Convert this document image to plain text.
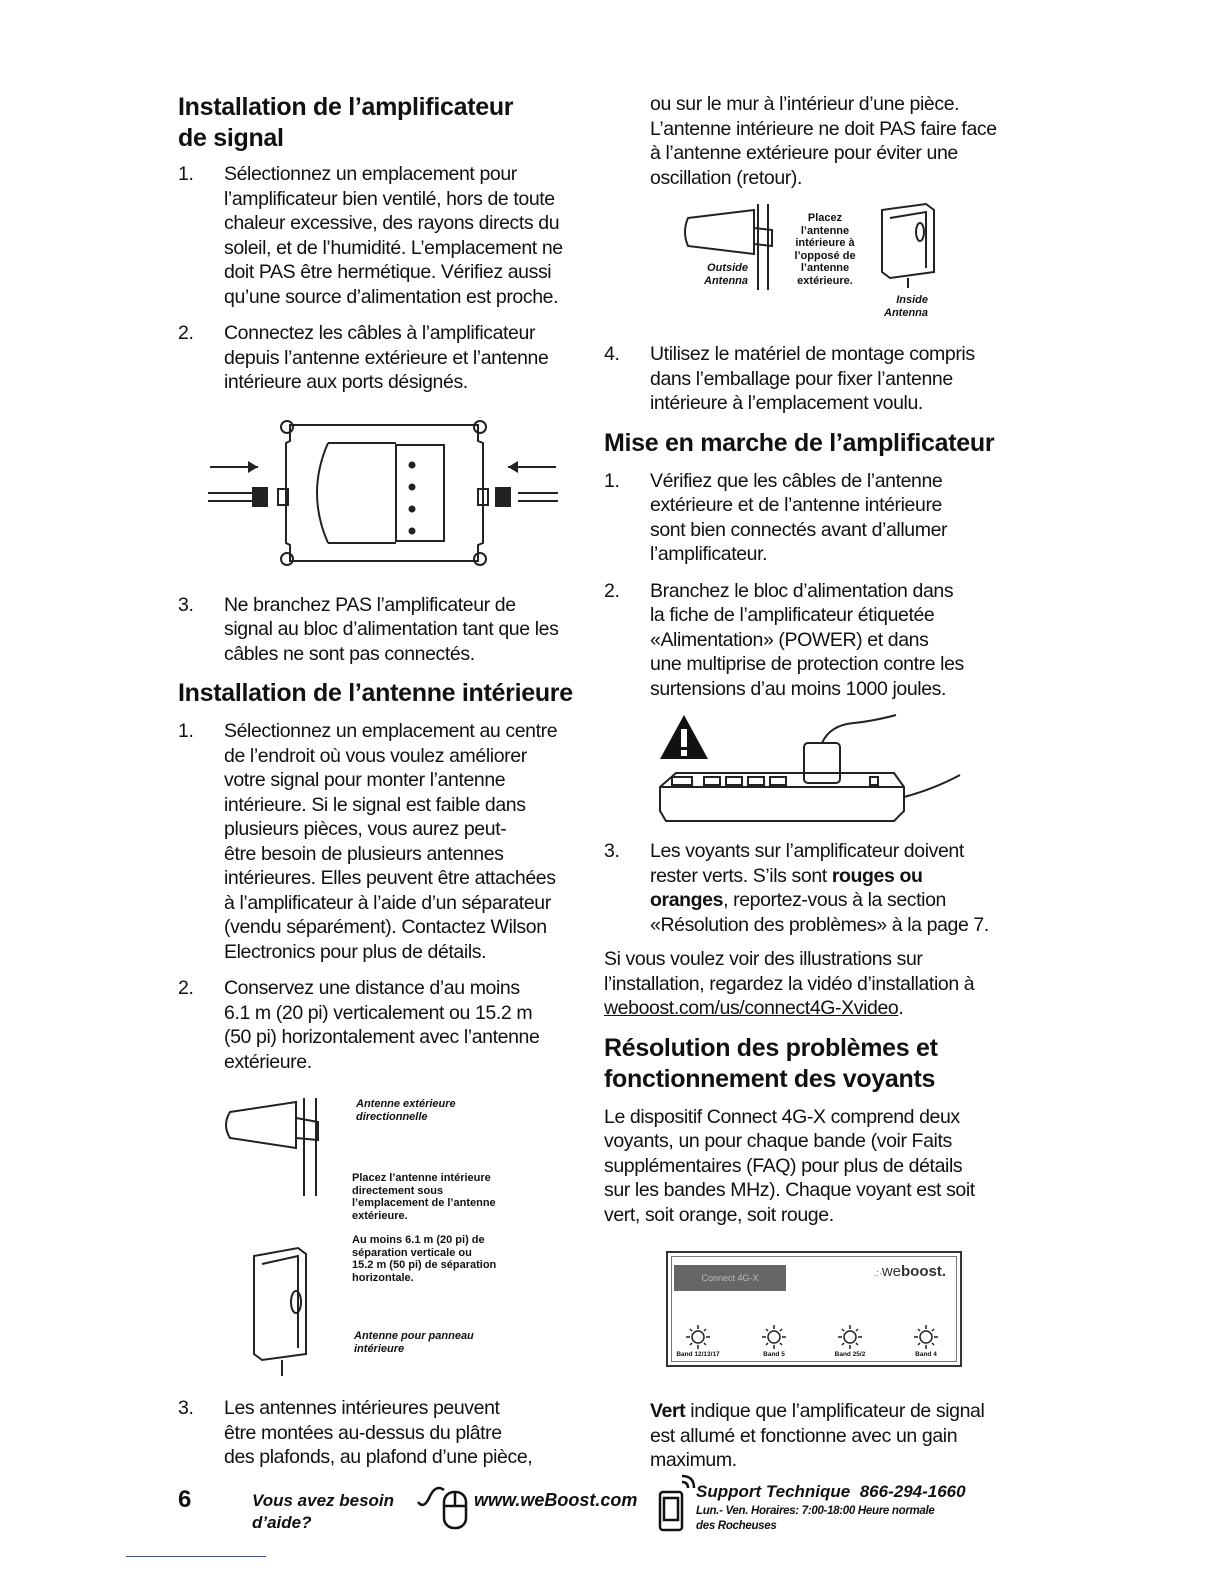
Installation de l’amplificateur
de signal
1. Sélectionnez un emplacement pour
l’amplificateur bien ventilé, hors de toute
chaleur excessive, des rayons directs du
soleil, et de l’humidité. L’emplacement ne
doit PAS être hermétique. Vérifiez aussi
qu’une source d’alimentation est proche.
2. Connectez les câbles à l’amplificateur
depuis l’antenne extérieure et l’antenne
intérieure aux ports désignés.
3. Ne branchez PAS l’amplificateur de
signal au bloc d’alimentation tant que les
câbles ne sont pas connectés.
Installation de l’antenne intérieure
1. Sélectionnez un emplacement au centre
de l’endroit où vous voulez améliorer
votre signal pour monter l’antenne
intérieure. Si le signal est faible dans
plusieurs pièces, vous aurez peut-
être besoin de plusieurs antennes
intérieures. Elles peuvent être attachées
à l’amplificateur à l’aide d’un séparateur
(vendu séparément). Contactez Wilson
Electronics pour plus de détails.
2. Conservez une distance d’au moins
6.1 m (20 pi) verticalement ou 15.2 m
(50 pi) horizontalement avec l’antenne
extérieure.
Antenne extérieure
directionnelle
Placez l’antenne intérieure
directement sous
l’emplacement de l’antenne
extérieure.
Au moins 6.1 m (20 pi) de
séparation verticale ou
15.2 m (50 pi) de séparation
horizontale.
Antenne pour panneau
intérieure
3. Les antennes intérieures peuvent
être montées au-dessus du plâtre
des plafonds, au plafond d’une pièce,

ou sur le mur à l’intérieur d’une pièce.
L’antenne intérieure ne doit PAS faire face
à l’antenne extérieure pour éviter une
oscillation (retour).

Outside
Antenna
Placez
l’antenne
intérieure à
l’opposé de
l’antenne
extérieure.
Inside
Antenna
4. Utilisez le matériel de montage compris
dans l’emballage pour fixer l’antenne
intérieure à l’emplacement voulu.
Mise en marche de l’amplificateur
1. Vérifiez que les câbles de l’antenne
extérieure et de l’antenne intérieure
sont bien connectés avant d’allumer
l’amplificateur.
2. Branchez le bloc d’alimentation dans
la fiche de l’amplificateur étiquetée
«Alimentation» (POWER) et dans
une multiprise de protection contre les
surtensions d’au moins 1000 joules.
3. Les voyants sur l’amplificateur doivent
rester verts. S’ils sont rouges ou
oranges, reportez-vous à la section
«Résolution des problèmes» à la page 7.

Si vous voulez voir des illustrations sur
l’installation, regardez la vidéo d’installation à
weboost.com/us/connect4G-Xvideo.

Résolution des problèmes et
fonctionnement des voyants

Le dispositif Connect 4G-X comprend deux
voyants, un pour chaque bande (voir Faits
supplémentaires (FAQ) pour plus de détails
sur les bandes MHz). Chaque voyant est soit
vert, soit orange, soit rouge.

Connect 4G-X	.:·weboost.
Band 12/13/17	Band 5	Band 25/2	Band 4

Vert indique que l’amplificateur de signal
est allumé et fonctionne avec un gain
maximum.

6	Vous avez besoin
d’aide?
www.weBoost.com	Support Technique 866-294-1660
Lun.- Ven. Horaires: 7:00-18:00 Heure normale
des Rocheuses
